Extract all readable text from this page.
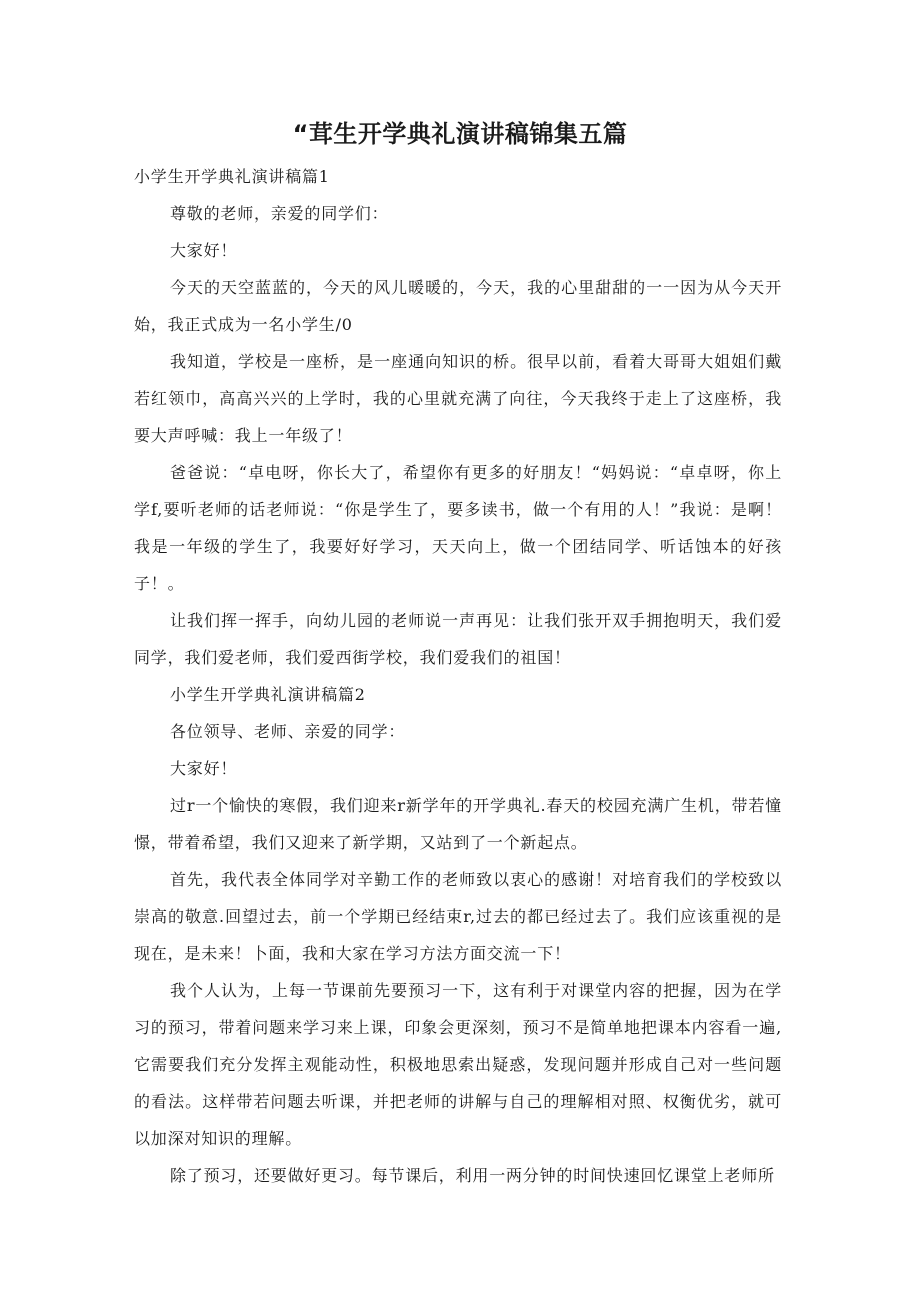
“茸生开学典礼演讲稿锦集五篇

小学生开学典礼演讲稿篇1

尊敬的老师，亲爱的同学们：

大家好！

今天的天空蓝蓝的，今天的风儿暖暖的，今天，我的心里甜甜的一一因为从今天开始，我正式成为一名小学生/0

我知道，学校是一座桥，是一座通向知识的桥。很早以前，看着大哥哥大姐姐们戴若红领巾，高高兴兴的上学时，我的心里就充满了向往，今天我终于走上了这座桥，我要大声呼喊：我上一年级了！

爸爸说：“卓电呀，你长大了，希望你有更多的好朋友！“妈妈说：“卓卓呀，你上学f,要听老师的话老师说：“你是学生了，要多读书，做一个有用的人！”我说：是啊！我是一年级的学生了，我要好好学习，天天向上，做一个团结同学、听话蚀本的好孩子！。

让我们挥一挥手，向幼儿园的老师说一声再见：让我们张开双手拥抱明天，我们爱同学，我们爱老师，我们爱西街学校，我们爱我们的祖国！

小学生开学典礼演讲稿篇2

各位领导、老师、亲爱的同学：

大家好！

过r一个愉快的寒假，我们迎来r新学年的开学典礼.春天的校园充满广生机，带若憧憬，带着希望，我们又迎来了新学期，又站到了一个新起点。

首先，我代表全体同学对辛勤工作的老师致以衷心的感谢！对培育我们的学校致以崇高的敬意.回望过去，前一个学期已经结束r,过去的都已经过去了。我们应该重视的是现在，是未来！卜面，我和大家在学习方法方面交流一下！

我个人认为，上每一节课前先要预习一下，这有利于对课堂内容的把握，因为在学习的预习，带着问题来学习来上课，印象会更深刻，预习不是简单地把课本内容看一遍,它需要我们充分发挥主观能动性，积极地思索出疑惑，发现问题并形成自己对一些问题的看法。这样带若问题去听课，并把老师的讲解与自己的理解相对照、权衡优劣，就可以加深对知识的理解。

除了预习，还要做好更习。每节课后，利用一两分钟的时间快速回忆课堂上老师所
